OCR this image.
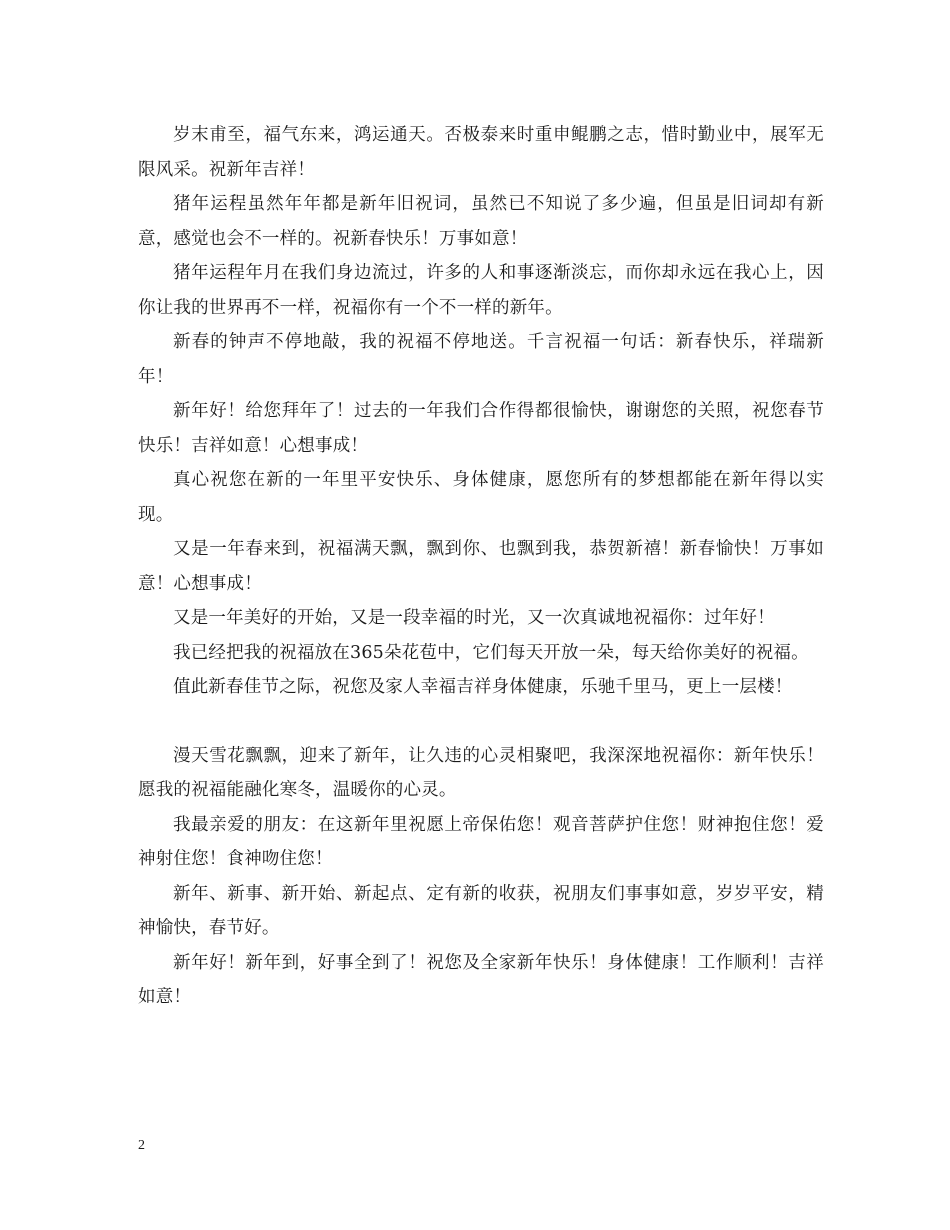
岁末甫至，福气东来，鸿运通天。否极泰来时重申鲲鹏之志，惜时勤业中，展军无限风采。祝新年吉祥！

猪年运程虽然年年都是新年旧祝词，虽然已不知说了多少遍，但虽是旧词却有新意，感觉也会不一样的。祝新春快乐！万事如意！

猪年运程年月在我们身边流过，许多的人和事逐渐淡忘，而你却永远在我心上，因你让我的世界再不一样，祝福你有一个不一样的新年。

新春的钟声不停地敲，我的祝福不停地送。千言祝福一句话：新春快乐，祥瑞新年！

新年好！给您拜年了！过去的一年我们合作得都很愉快，谢谢您的关照，祝您春节快乐！吉祥如意！心想事成！

真心祝您在新的一年里平安快乐、身体健康，愿您所有的梦想都能在新年得以实现。

又是一年春来到，祝福满天飘，飘到你、也飘到我，恭贺新禧！新春愉快！万事如意！心想事成！

又是一年美好的开始，又是一段幸福的时光，又一次真诚地祝福你：过年好！

我已经把我的祝福放在365朵花苞中，它们每天开放一朵，每天给你美好的祝福。

值此新春佳节之际，祝您及家人幸福吉祥身体健康，乐驰千里马，更上一层楼！

漫天雪花飘飘，迎来了新年，让久违的心灵相聚吧，我深深地祝福你：新年快乐！愿我的祝福能融化寒冬，温暖你的心灵。

我最亲爱的朋友：在这新年里祝愿上帝保佑您！观音菩萨护住您！财神抱住您！爱神射住您！食神吻住您！

新年、新事、新开始、新起点、定有新的收获，祝朋友们事事如意，岁岁平安，精神愉快，春节好。

新年好！新年到，好事全到了！祝您及全家新年快乐！身体健康！工作顺利！吉祥如意！

2
